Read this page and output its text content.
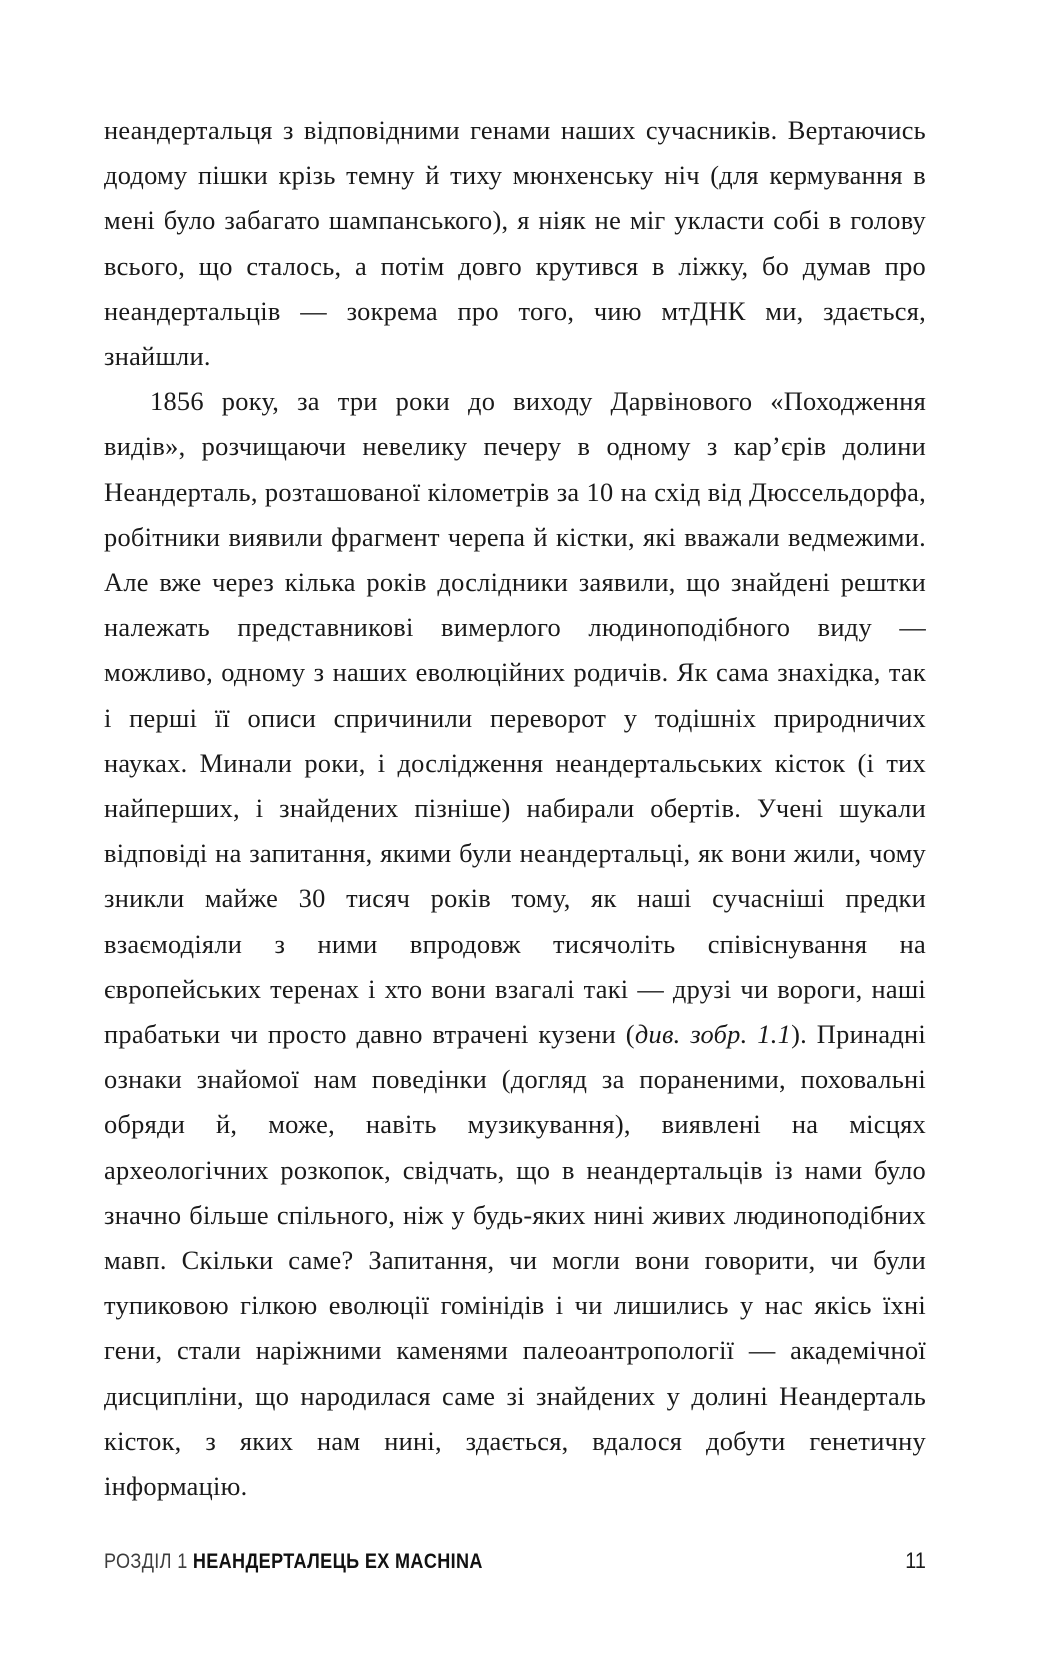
неандертальця з відповідними генами наших сучасників. Вертаючись додому пішки крізь темну й тиху мюнхенську ніч (для кермування в мені було забагато шампанського), я ніяк не міг укласти собі в голову всього, що сталось, а потім довго крутився в ліжку, бо думав про неандертальців — зокрема про того, чию мтДНК ми, здається, знайшли.

1856 року, за три роки до виходу Дарвінового «Походження видів», розчищаючи невелику печеру в одному з кар’єрів долини Неандерталь, розташованої кілометрів за 10 на схід від Дюссельдорфа, робітники виявили фрагмент черепа й кістки, які вважали ведмежими. Але вже через кілька років дослідники заявили, що знайдені рештки належать представникові вимерлого людиноподібного виду — можливо, одному з наших еволюційних родичів. Як сама знахідка, так і перші її описи спричинили переворот у тодішніх природничих науках. Минали роки, і дослідження неандертальських кісток (і тих найперших, і знайдених пізніше) набирали обертів. Учені шукали відповіді на запитання, якими були неандертальці, як вони жили, чому зникли майже 30 тисяч років тому, як наші сучасніші предки взаємодіяли з ними впродовж тисячоліть співіснування на європейських теренах і хто вони взагалі такі — друзі чи вороги, наші прабатьки чи просто давно втрачені кузени (див. зобр. 1.1). Принадні ознаки знайомої нам поведінки (догляд за пораненими, поховальні обряди й, може, навіть музикування), виявлені на місцях археологічних розкопок, свідчать, що в неандертальців із нами було значно більше спільного, ніж у будь-яких нині живих людиноподібних мавп. Скільки саме? Запитання, чи могли вони говорити, чи були тупиковою гілкою еволюції гомінідів і чи лишились у нас якісь їхні гени, стали наріжними каменями палеоантропології — академічної дисципліни, що народилася саме зі знайдених у долині Неандерталь кісток, з яких нам нині, здається, вдалося добути генетичну інформацію.

РОЗДІЛ 1 НЕАНДЕРТАЛЕЦЬ EX MACHINA	11
